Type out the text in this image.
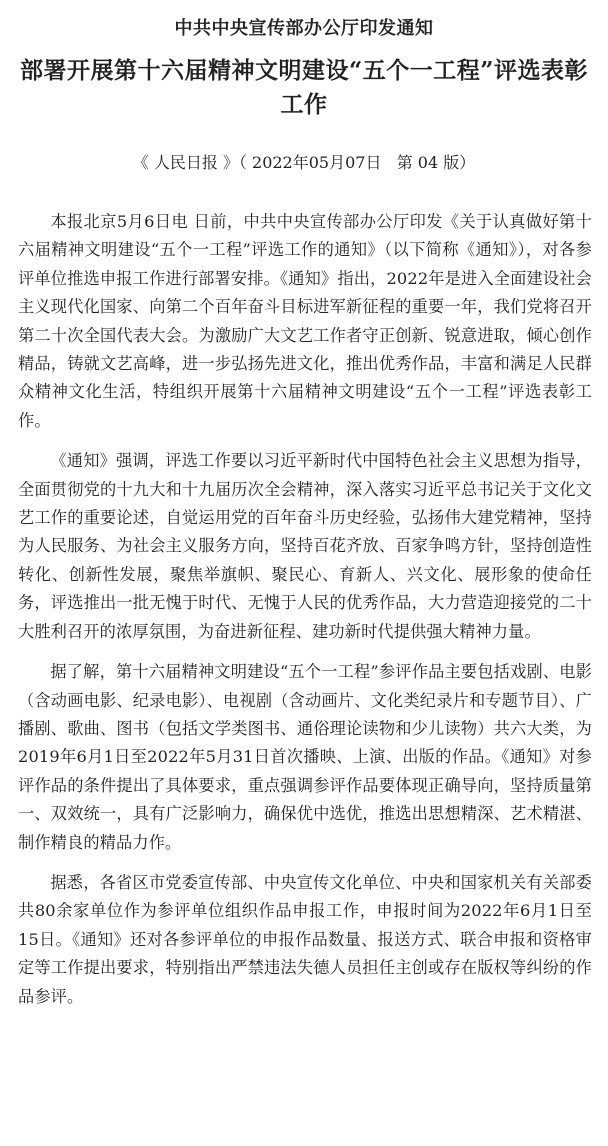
中共中央宣传部办公厅印发通知
部署开展第十六届精神文明建设“五个一工程”评选表彰工作
《 人民日报 》（ 2022年05月07日   第 04 版）

本报北京5月6日电 日前，中共中央宣传部办公厅印发《关于认真做好第十六届精神文明建设“五个一工程”评选工作的通知》（以下简称《通知》），对各参评单位推选申报工作进行部署安排。《通知》指出，2022年是进入全面建设社会主义现代化国家、向第二个百年奋斗目标进军新征程的重要一年，我们党将召开第二十次全国代表大会。为激励广大文艺工作者守正创新、锐意进取，倾心创作精品，铸就文艺高峰，进一步弘扬先进文化，推出优秀作品，丰富和满足人民群众精神文化生活，特组织开展第十六届精神文明建设“五个一工程”评选表彰工作。

《通知》强调，评选工作要以习近平新时代中国特色社会主义思想为指导，全面贯彻党的十九大和十九届历次全会精神，深入落实习近平总书记关于文化文艺工作的重要论述，自觉运用党的百年奋斗历史经验，弘扬伟大建党精神，坚持为人民服务、为社会主义服务方向，坚持百花齐放、百家争鸣方针，坚持创造性转化、创新性发展，聚焦举旗帜、聚民心、育新人、兴文化、展形象的使命任务，评选推出一批无愧于时代、无愧于人民的优秀作品，大力营造迎接党的二十大胜利召开的浓厚氛围，为奋进新征程、建功新时代提供强大精神力量。

据了解，第十六届精神文明建设“五个一工程”参评作品主要包括戏剧、电影（含动画电影、纪录电影）、电视剧（含动画片、文化类纪录片和专题节目）、广播剧、歌曲、图书（包括文学类图书、通俗理论读物和少儿读物）共六大类，为2019年6月1日至2022年5月31日首次播映、上演、出版的作品。《通知》对参评作品的条件提出了具体要求，重点强调参评作品要体现正确导向，坚持质量第一、双效统一，具有广泛影响力，确保优中选优，推选出思想精深、艺术精湛、制作精良的精品力作。

据悉，各省区市党委宣传部、中央宣传文化单位、中央和国家机关有关部委共80余家单位作为参评单位组织作品申报工作，申报时间为2022年6月1日至15日。《通知》还对各参评单位的申报作品数量、报送方式、联合申报和资格审定等工作提出要求，特别指出严禁违法失德人员担任主创或存在版权等纠纷的作品参评。
